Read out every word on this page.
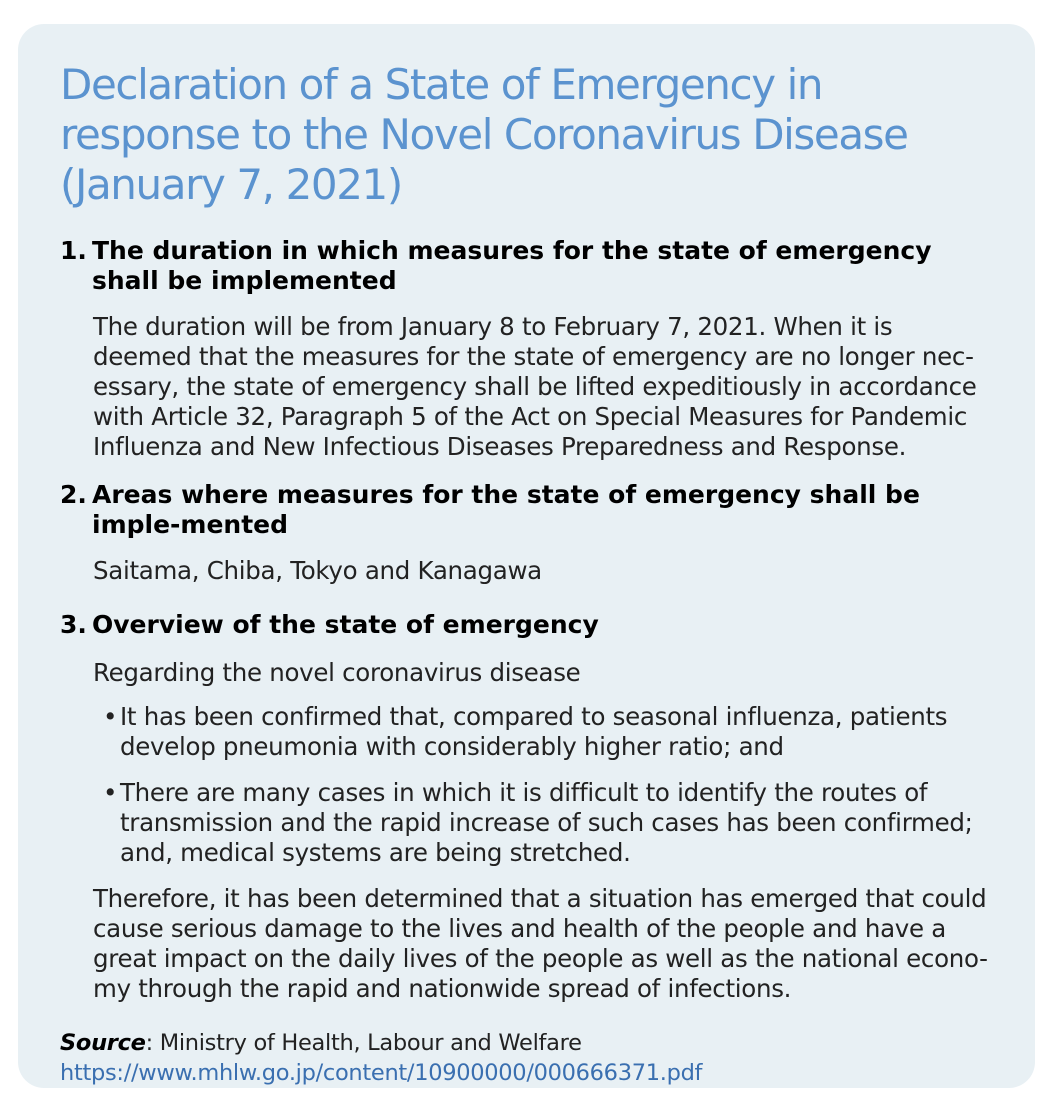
Declaration of a State of Emergency in response to the Novel Coronavirus Disease (January 7, 2021)
1. The duration in which measures for the state of emergency shall be implemented
The duration will be from January 8 to February 7, 2021. When it is deemed that the measures for the state of emergency are no longer nec-essary, the state of emergency shall be lifted expeditiously in accordance with Article 32, Paragraph 5 of the Act on Special Measures for Pandemic Influenza and New Infectious Diseases Preparedness and Response.
2. Areas where measures for the state of emergency shall be imple-mented
Saitama, Chiba, Tokyo and Kanagawa
3. Overview of the state of emergency
Regarding the novel coronavirus disease
• It has been confirmed that, compared to seasonal influenza, patients develop pneumonia with considerably higher ratio; and
• There are many cases in which it is difficult to identify the routes of transmission and the rapid increase of such cases has been confirmed; and, medical systems are being stretched.
Therefore, it has been determined that a situation has emerged that could cause serious damage to the lives and health of the people and have a great impact on the daily lives of the people as well as the national econo-my through the rapid and nationwide spread of infections.
Source: Ministry of Health, Labour and Welfare https://www.mhlw.go.jp/content/10900000/000666371.pdf
